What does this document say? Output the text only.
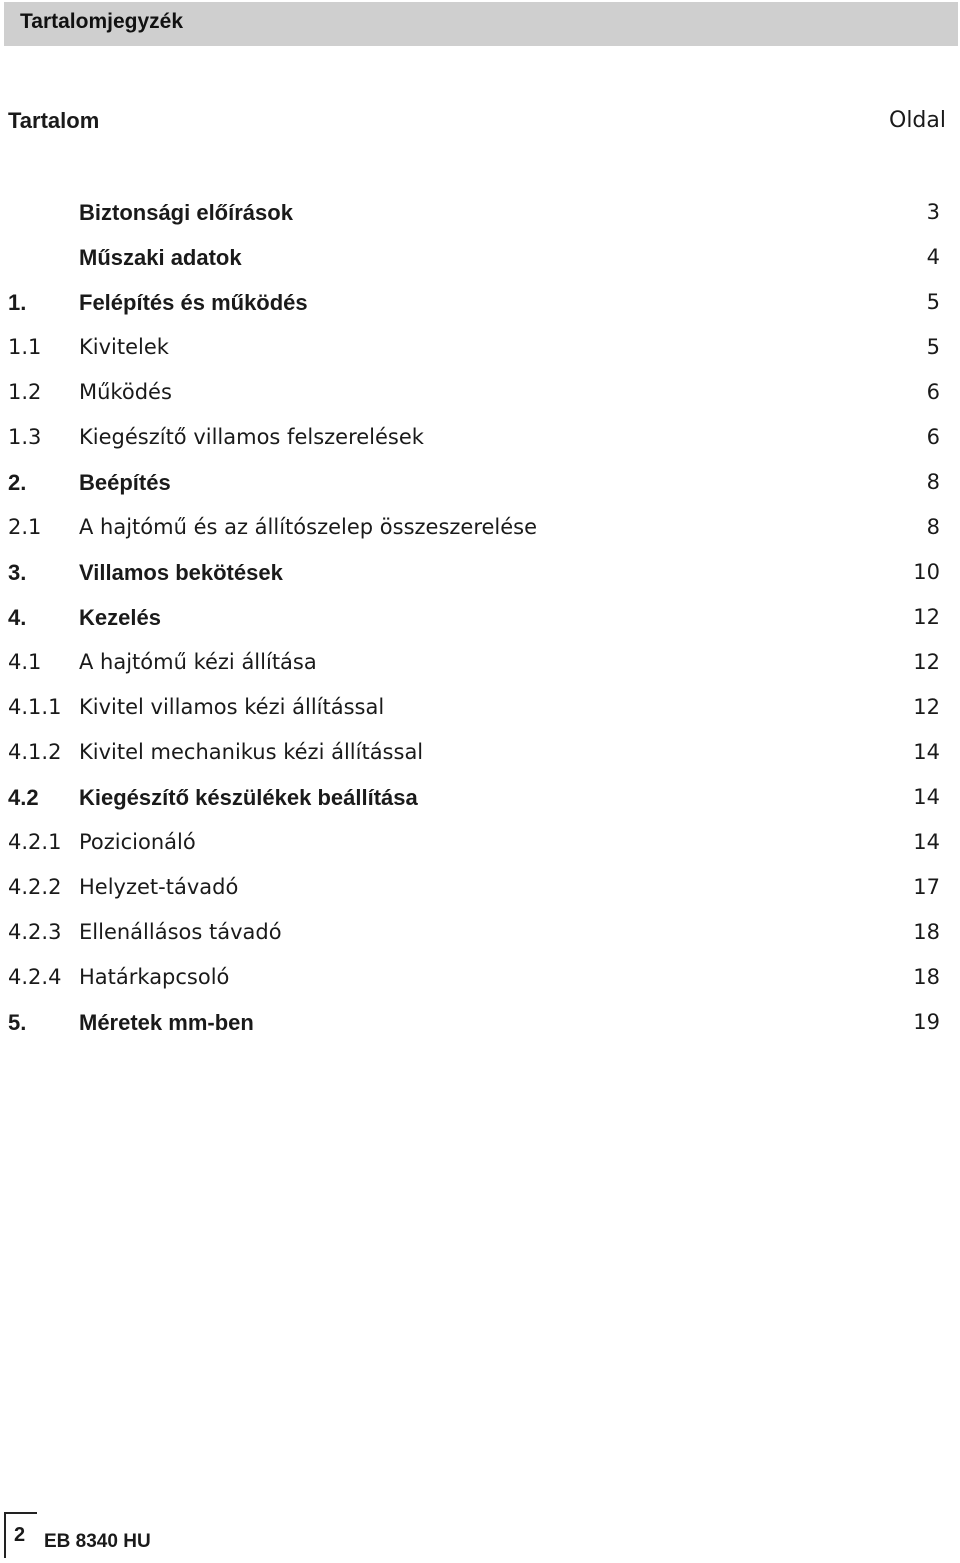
Tartalomjegyzék
Tartalom	Oldal
Biztonsági előírások	3
Műszaki adatok	4
1. Felépítés és működés	5
1.1 Kivitelek	5
1.2 Működés	6
1.3 Kiegészítő villamos felszerelések	6
2. Beépítés	8
2.1 A hajtómű és az állítószelep összeszerelése	8
3. Villamos bekötések	10
4. Kezelés	12
4.1 A hajtómű kézi állítása	12
4.1.1 Kivitel villamos kézi állítással	12
4.1.2 Kivitel mechanikus kézi állítással	14
4.2 Kiegészítő készülékek beállítása	14
4.2.1 Pozicionáló	14
4.2.2 Helyzet-távadó	17
4.2.3 Ellenállásos távadó	18
4.2.4 Határkapcsoló	18
5. Méretek mm-ben	19
2 EB 8340 HU
